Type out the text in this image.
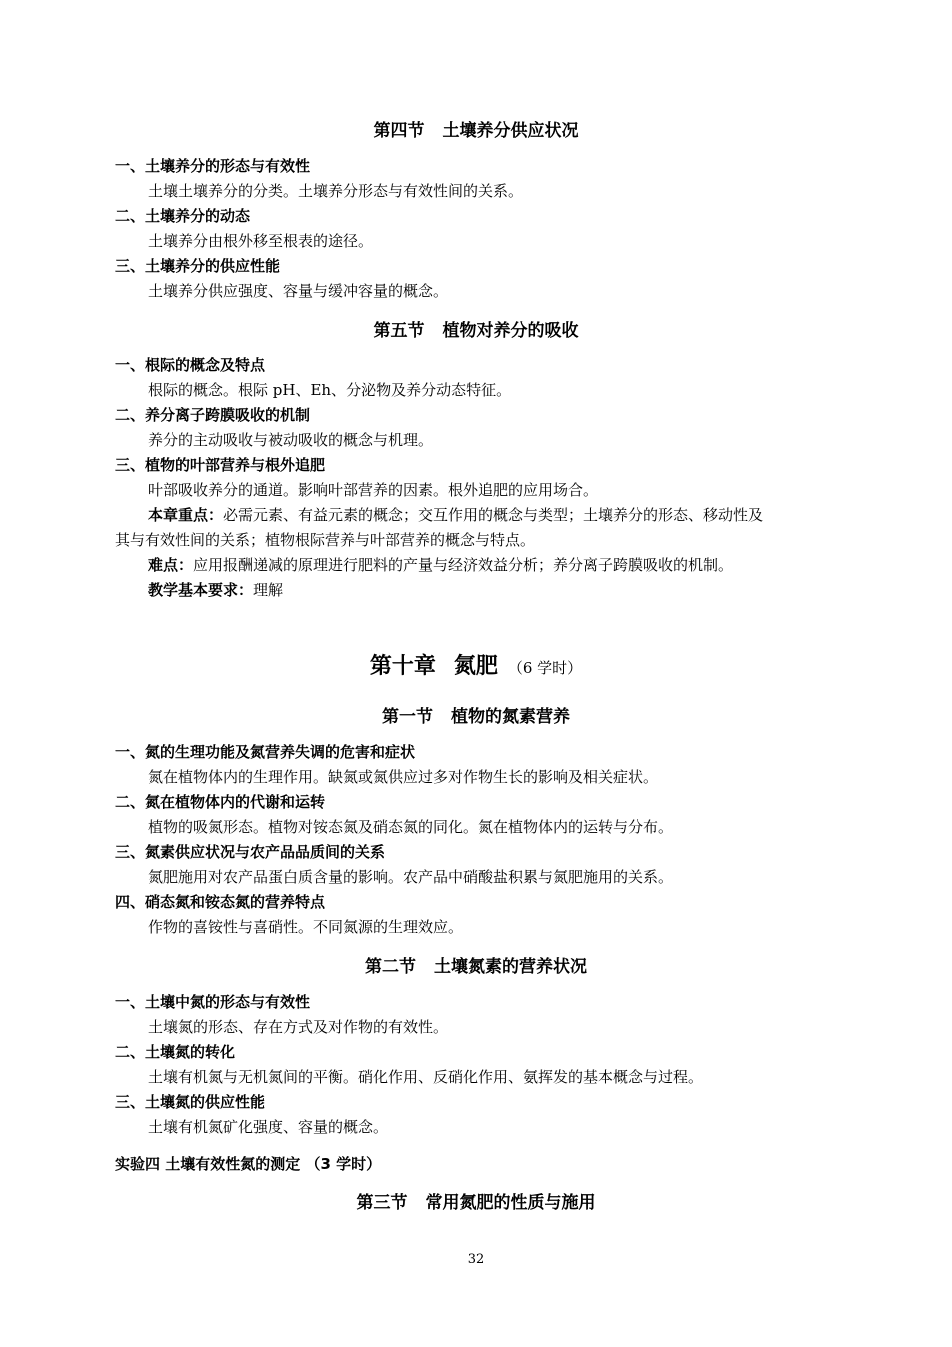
第四节 土壤养分供应状况
一、土壤养分的形态与有效性
土壤土壤养分的分类。土壤养分形态与有效性间的关系。
二、土壤养分的动态
土壤养分由根外移至根表的途径。
三、土壤养分的供应性能
土壤养分供应强度、容量与缓冲容量的概念。
第五节 植物对养分的吸收
一、根际的概念及特点
根际的概念。根际 pH、Eh、分泌物及养分动态特征。
二、养分离子跨膜吸收的机制
养分的主动吸收与被动吸收的概念与机理。
三、植物的叶部营养与根外追肥
叶部吸收养分的通道。影响叶部营养的因素。根外追肥的应用场合。
本章重点：必需元素、有益元素的概念；交互作用的概念与类型；土壤养分的形态、移动性及
其与有效性间的关系；植物根际营养与叶部营养的概念与特点。
难点：应用报酬递减的原理进行肥料的产量与经济效益分析；养分离子跨膜吸收的机制。
教学基本要求：理解
第十章 氮肥 （6 学时）
第一节 植物的氮素营养
一、氮的生理功能及氮营养失调的危害和症状
氮在植物体内的生理作用。缺氮或氮供应过多对作物生长的影响及相关症状。
二、氮在植物体内的代谢和运转
植物的吸氮形态。植物对铵态氮及硝态氮的同化。氮在植物体内的运转与分布。
三、氮素供应状况与农产品品质间的关系
氮肥施用对农产品蛋白质含量的影响。农产品中硝酸盐积累与氮肥施用的关系。
四、硝态氮和铵态氮的营养特点
作物的喜铵性与喜硝性。不同氮源的生理效应。
第二节 土壤氮素的营养状况
一、土壤中氮的形态与有效性
土壤氮的形态、存在方式及对作物的有效性。
二、土壤氮的转化
土壤有机氮与无机氮间的平衡。硝化作用、反硝化作用、氨挥发的基本概念与过程。
三、土壤氮的供应性能
土壤有机氮矿化强度、容量的概念。
实验四 土壤有效性氮的测定 （3 学时）
第三节 常用氮肥的性质与施用
32
